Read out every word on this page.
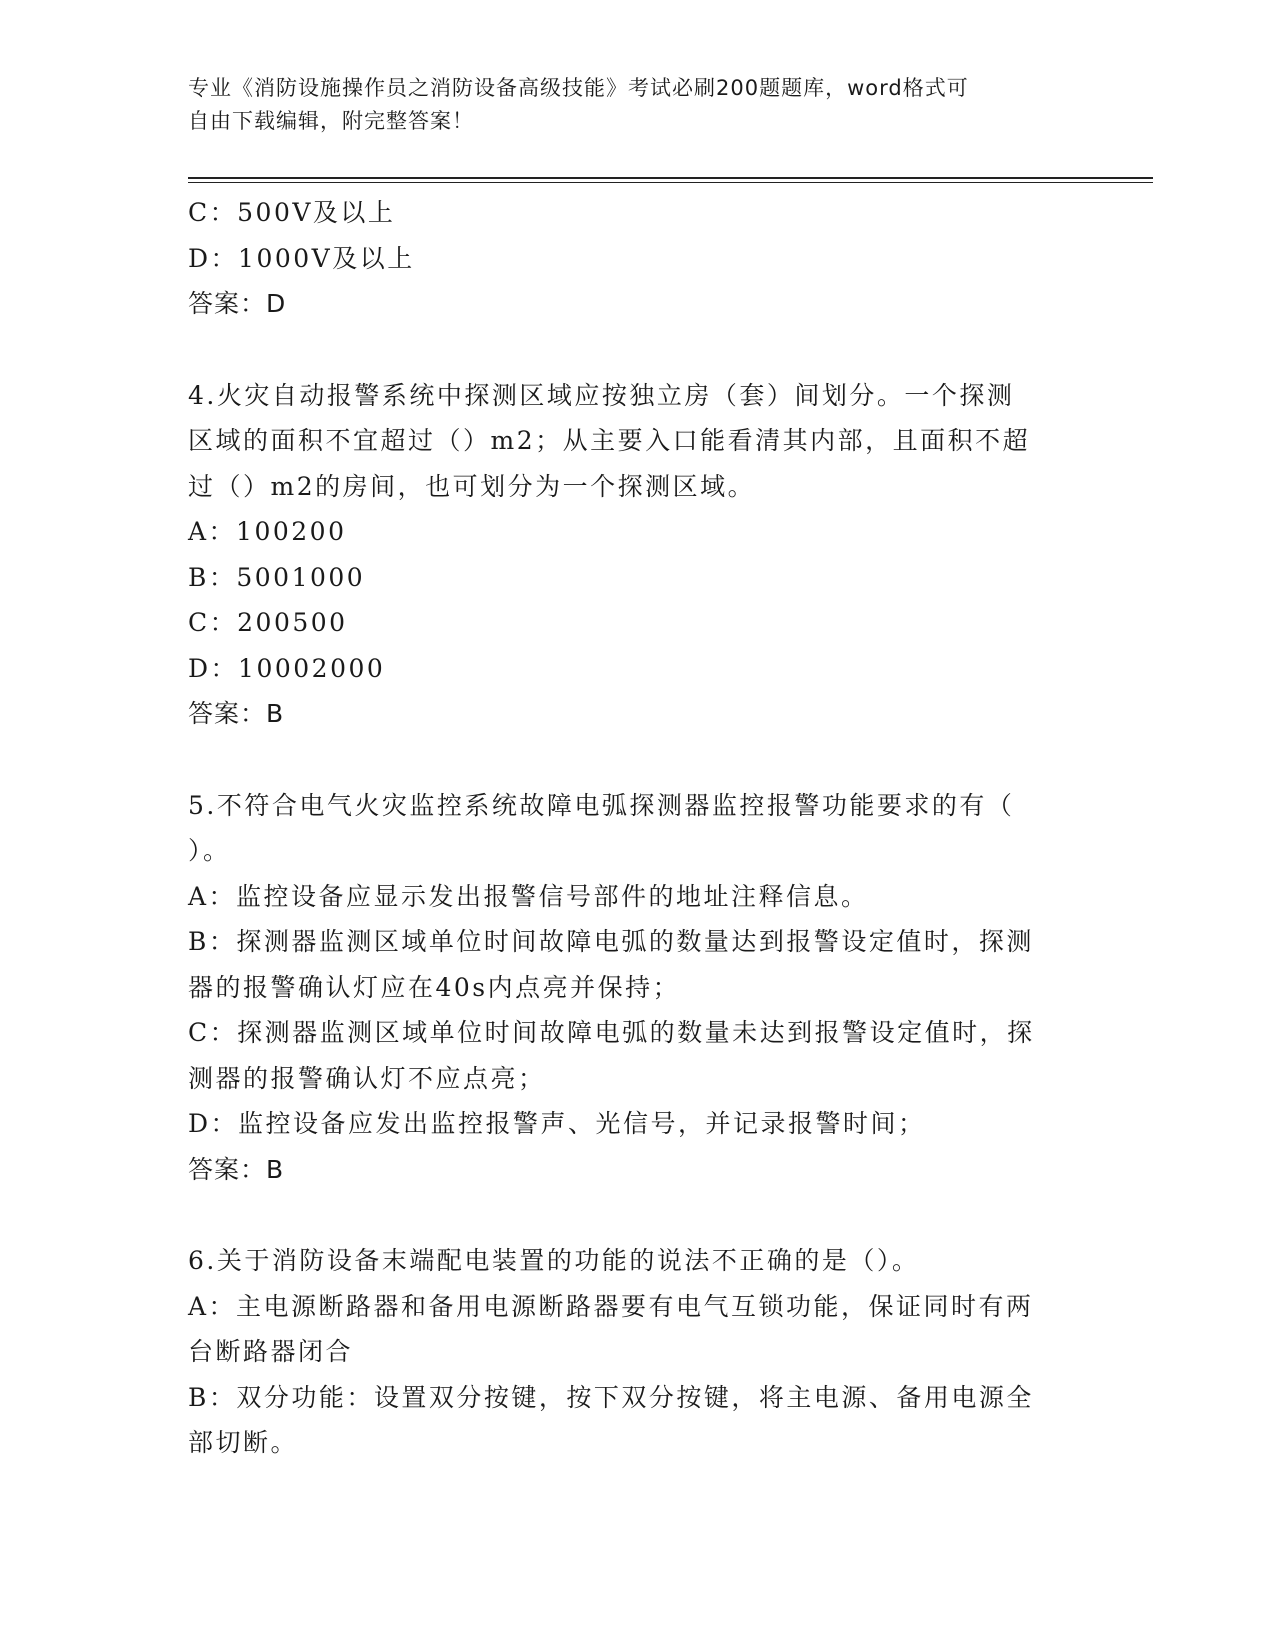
专业《消防设施操作员之消防设备高级技能》考试必刷200题题库，word格式可
自由下载编辑，附完整答案！
C：500V及以上
D：1000V及以上
答案：D
4.火灾自动报警系统中探测区域应按独立房（套）间划分。一个探测
区域的面积不宜超过（）m2；从主要入口能看清其内部，且面积不超
过（）m2的房间，也可划分为一个探测区域。
A：100200
B：5001000
C：200500
D：10002000
答案：B
5.不符合电气火灾监控系统故障电弧探测器监控报警功能要求的有（
）。
A：监控设备应显示发出报警信号部件的地址注释信息。
B：探测器监测区域单位时间故障电弧的数量达到报警设定值时，探测
器的报警确认灯应在40s内点亮并保持；
C：探测器监测区域单位时间故障电弧的数量未达到报警设定值时，探
测器的报警确认灯不应点亮；
D：监控设备应发出监控报警声、光信号，并记录报警时间；
答案：B
6.关于消防设备末端配电装置的功能的说法不正确的是（）。
A：主电源断路器和备用电源断路器要有电气互锁功能，保证同时有两
台断路器闭合
B：双分功能：设置双分按键，按下双分按键，将主电源、备用电源全
部切断。
